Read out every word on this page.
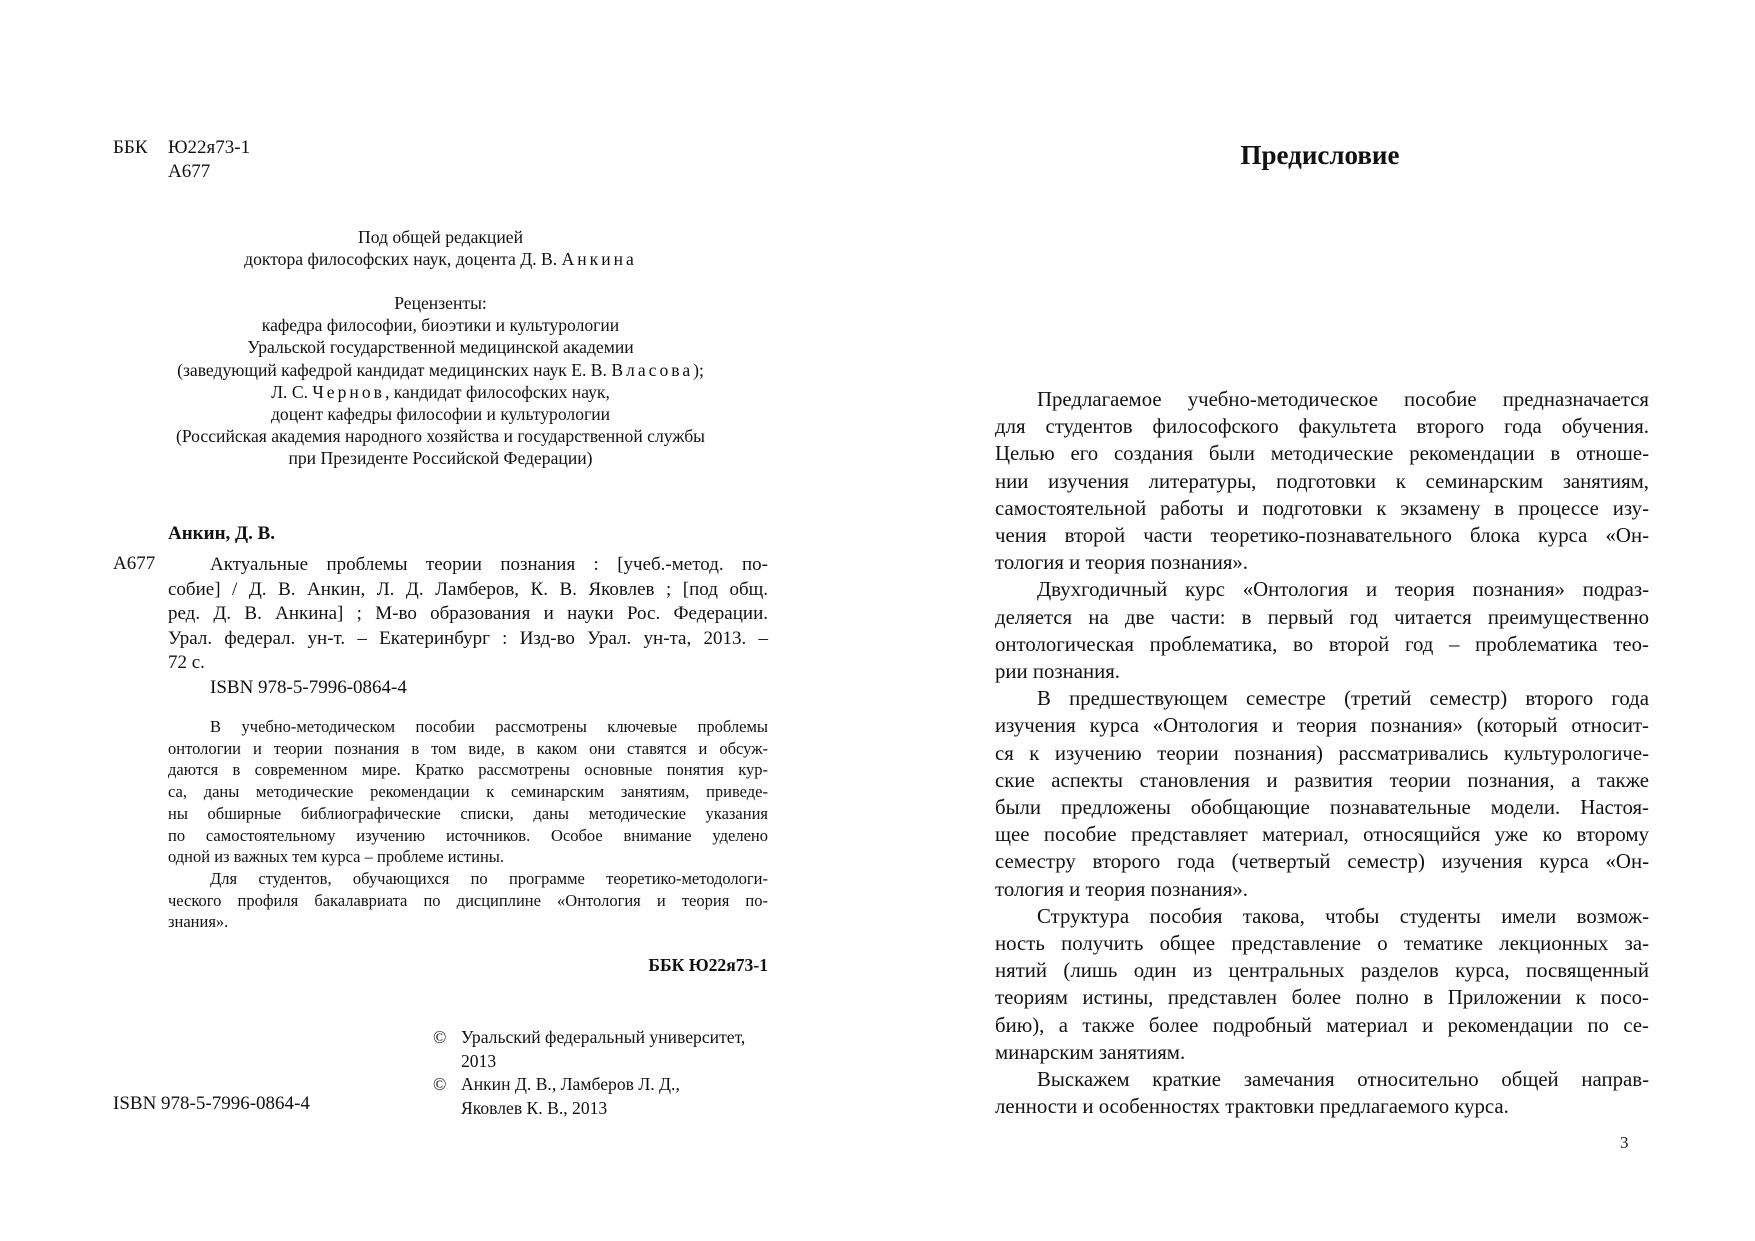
ББК Ю22я73-1
А677
Под общей редакцией
доктора философских наук, доцента Д. В. Анкина
Рецензенты:
кафедра философии, биоэтики и культурологии
Уральской государственной медицинской академии
(заведующий кафедрой кандидат медицинских наук Е. В. Власова);
Л. С. Чернов, кандидат философских наук,
доцент кафедры философии и культурологии
(Российская академия народного хозяйства и государственной службы
при Президенте Российской Федерации)
Анкин, Д. В.
А677	Актуальные проблемы теории познания : [учеб.-метод. по-
собие] / Д. В. Анкин, Л. Д. Ламберов, К. В. Яковлев ; [под общ.
ред. Д. В. Анкина] ; М-во образования и науки Рос. Федерации.
Урал. федерал. ун-т. – Екатеринбург : Изд-во Урал. ун-та, 2013. –
72 с.
ISBN 978-5-7996-0864-4
В учебно-методическом пособии рассмотрены ключевые проблемы
онтологии и теории познания в том виде, в каком они ставятся и обсуж-
даются в современном мире. Кратко рассмотрены основные понятия кур-
са, даны методические рекомендации к семинарским занятиям, приведе-
ны обширные библиографические списки, даны методические указания
по самостоятельному изучению источников. Особое внимание уделено
одной из важных тем курса – проблеме истины.
Для студентов, обучающихся по программе теоретико-методологи-
ческого профиля бакалавриата по дисциплине «Онтология и теория по-
знания».
ББК Ю22я73-1
© Уральский федеральный университет,
2013
© Анкин Д. В., Ламберов Л. Д.,
Яковлев К. В., 2013
ISBN 978-5-7996-0864-4
Предисловие
Предлагаемое учебно-методическое пособие предназначается
для студентов философского факультета второго года обучения.
Целью его создания были методические рекомендации в отноше-
нии изучения литературы, подготовки к семинарским занятиям,
самостоятельной работы и подготовки к экзамену в процессе изу-
чения второй части теоретико-познавательного блока курса «Он-
тология и теория познания».
Двухгодичный курс «Онтология и теория познания» подраз-
деляется на две части: в первый год читается преимущественно
онтологическая проблематика, во второй год – проблематика тео-
рии познания.
В предшествующем семестре (третий семестр) второго года
изучения курса «Онтология и теория познания» (который относит-
ся к изучению теории познания) рассматривались культурологиче-
ские аспекты становления и развития теории познания, а также
были предложены обобщающие познавательные модели. Настоя-
щее пособие представляет материал, относящийся уже ко второму
семестру второго года (четвертый семестр) изучения курса «Он-
тология и теория познания».
Структура пособия такова, чтобы студенты имели возмож-
ность получить общее представление о тематике лекционных за-
нятий (лишь один из центральных разделов курса, посвященный
теориям истины, представлен более полно в Приложении к посо-
бию), а также более подробный материал и рекомендации по се-
минарским занятиям.
Выскажем краткие замечания относительно общей направ-
ленности и особенностях трактовки предлагаемого курса.
3
